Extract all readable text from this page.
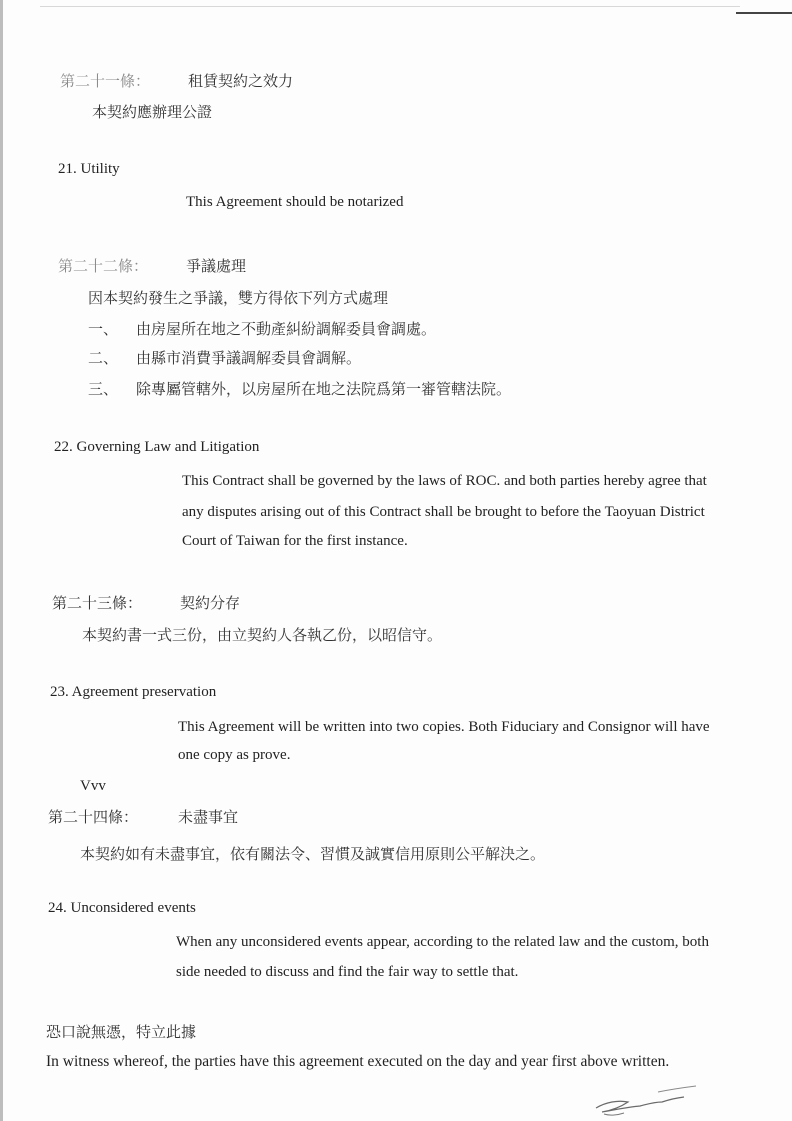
第二十一條：	租賃契約之效力
本契約應辦理公證
21. Utility
This Agreement should be notarized
第二十二條：	爭議處理
因本契約發生之爭議，雙方得依下列方式處理
一、 由房屋所在地之不動產糾紛調解委員會調處。
二、 由縣市消費爭議調解委員會調解。
三、 除專屬管轄外，以房屋所在地之法院爲第一審管轄法院。
22. Governing Law and Litigation
This Contract shall be governed by the laws of ROC. and both parties hereby agree that
any disputes arising out of this Contract shall be brought to before the Taoyuan District
Court of Taiwan for the first instance.
第二十三條：	契約分存
本契約書一式三份，由立契約人各執乙份，以昭信守。
23. Agreement preservation
This Agreement will be written into two copies. Both Fiduciary and Consignor will have
one copy as prove.
Vvv
第二十四條：	未盡事宜
本契約如有未盡事宜，依有關法令、習慣及誠實信用原則公平解決之。
24. Unconsidered events
When any unconsidered events appear, according to the related law and the custom, both
side needed to discuss and find the fair way to settle that.
恐口說無憑，特立此據
In witness whereof, the parties have this agreement executed on the day and year first above written.
